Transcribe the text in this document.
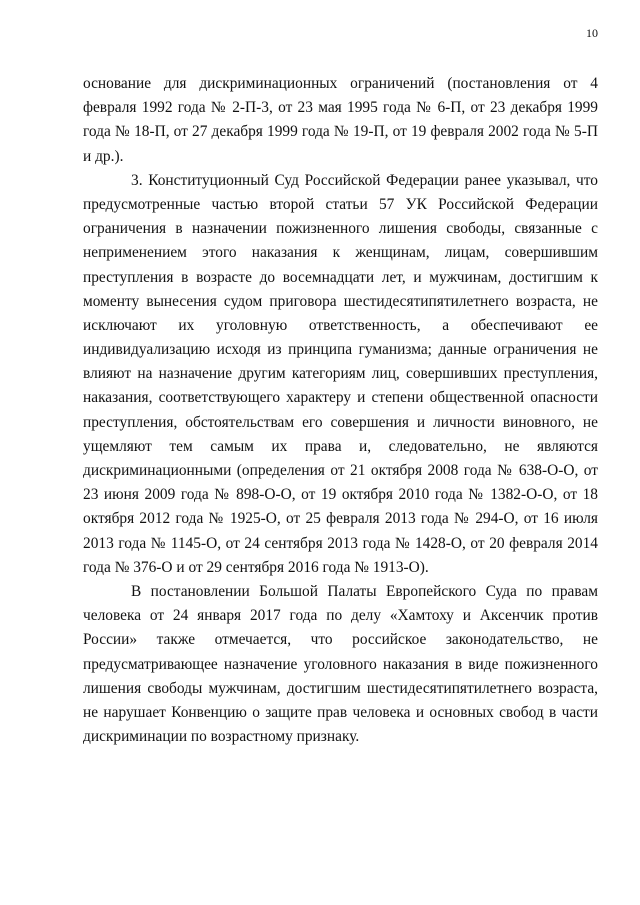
10
основание для дискриминационных ограничений (постановления от 4
февраля 1992 года № 2-П-3, от 23 мая 1995 года № 6-П, от 23 декабря 1999
года № 18-П, от 27 декабря 1999 года № 19-П, от 19 февраля 2002 года № 5-П
и др.).
3. Конституционный Суд Российской Федерации ранее указывал, что
предусмотренные частью второй статьи 57 УК Российской Федерации
ограничения в назначении пожизненного лишения свободы, связанные с
неприменением этого наказания к женщинам, лицам, совершившим
преступления в возрасте до восемнадцати лет, и мужчинам, достигшим к
моменту вынесения судом приговора шестидесятипятилетнего возраста, не
исключают их уголовную ответственность, а обеспечивают ее
индивидуализацию исходя из принципа гуманизма; данные ограничения не
влияют на назначение другим категориям лиц, совершивших преступления,
наказания, соответствующего характеру и степени общественной опасности
преступления, обстоятельствам его совершения и личности виновного, не
ущемляют тем самым их права и, следовательно, не являются
дискриминационными (определения от 21 октября 2008 года № 638-О-О, от
23 июня 2009 года № 898-О-О, от 19 октября 2010 года № 1382-О-О, от 18
октября 2012 года № 1925-О, от 25 февраля 2013 года № 294-О, от 16 июля
2013 года № 1145-О, от 24 сентября 2013 года № 1428-О, от 20 февраля 2014
года № 376-О и от 29 сентября 2016 года № 1913-О).
В постановлении Большой Палаты Европейского Суда по правам
человека от 24 января 2017 года по делу «Хамтоху и Аксенчик против
России» также отмечается, что российское законодательство, не
предусматривающее назначение уголовного наказания в виде пожизненного
лишения свободы мужчинам, достигшим шестидесятипятилетнего возраста,
не нарушает Конвенцию о защите прав человека и основных свобод в части
дискриминации по возрастному признаку.
